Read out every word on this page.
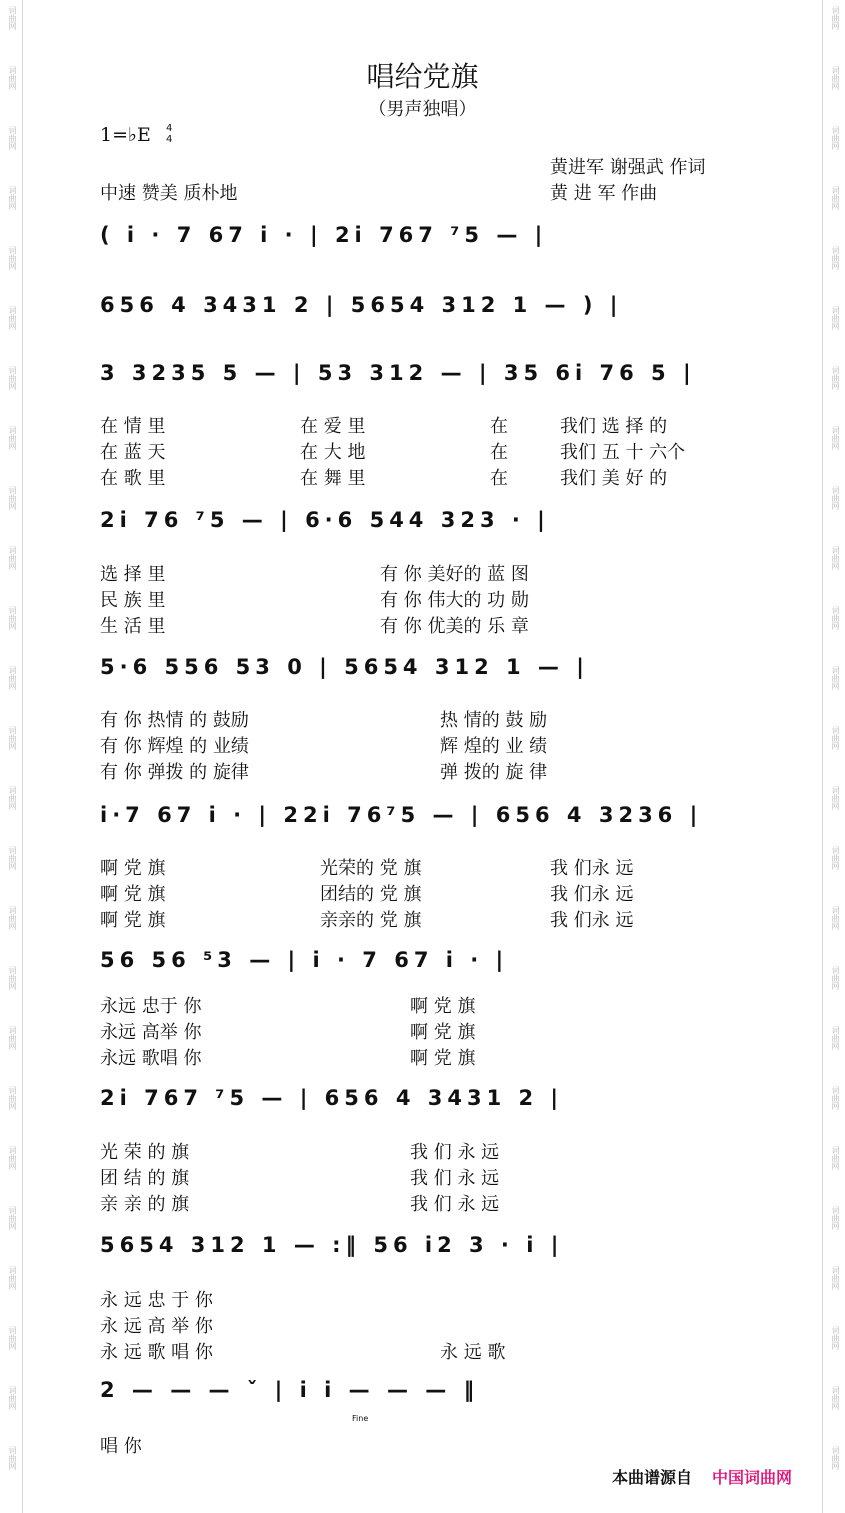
词曲网
词曲网
词曲网
词曲网
词曲网
词曲网
词曲网
词曲网
词曲网
词曲网
词曲网
词曲网
词曲网
词曲网
词曲网
词曲网
词曲网
词曲网
词曲网
词曲网
词曲网
词曲网
词曲网
词曲网
词曲网
词曲网
词曲网
词曲网
词曲网
词曲网
词曲网
词曲网
词曲网
词曲网
词曲网
词曲网
词曲网
词曲网
词曲网
词曲网
词曲网
词曲网
词曲网
词曲网
词曲网
词曲网
词曲网
词曲网
词曲网
词曲网
唱给党旗
（男声独唱）
1=♭E 4
4
黄进军 谢强武 作词
黄 进 军 作曲
中速 赞美 质朴地
( i · 7 67 i · | 2i 767 ⁷5 — |
656 4 3431 2 | 5654 312 1 — ) |
3 3235 5 — | 53 312 — | 35 6i 76 5 |
2i 76 ⁷5 — | 6·6 544 323 · |
5·6 556 53 0 | 5654 312 1 — |
i·7 67 i · | 22i 76⁷5 — | 656 4 3236 |
56 56 ⁵3 — | i · 7 67 i · |
2i 767 ⁷5 — | 656 4 3431 2 |
5654 312 1 — :‖ 56 i2 3 · i |
2 — — — ˇ | i i — — — ‖
Fine
在 情 里	在 爱 里	在	我们 选 择 的
在 蓝 天	在 大 地	在	我们 五 十 六个
在 歌 里	在 舞 里	在	我们 美 好 的
选 择 里	有 你 美好的 蓝 图
民 族 里	有 你 伟大的 功 勋
生 活 里	有 你 优美的 乐 章
有 你 热情 的 鼓励	热 情的 鼓 励
有 你 辉煌 的 业绩	辉 煌的 业 绩
有 你 弹拨 的 旋律	弹 拨的 旋 律
啊 党 旗	光荣的 党 旗	我 们永 远
啊 党 旗	团结的 党 旗	我 们永 远
啊 党 旗	亲亲的 党 旗	我 们永 远
永远 忠于 你	啊 党 旗
永远 高举 你	啊 党 旗
永远 歌唱 你	啊 党 旗
光 荣 的 旗	我 们 永 远
团 结 的 旗	我 们 永 远
亲 亲 的 旗	我 们 永 远
永 远 忠 于 你
永 远 高 举 你
永 远 歌 唱 你	永 远 歌
唱 你
本曲谱源自 中国词曲网
